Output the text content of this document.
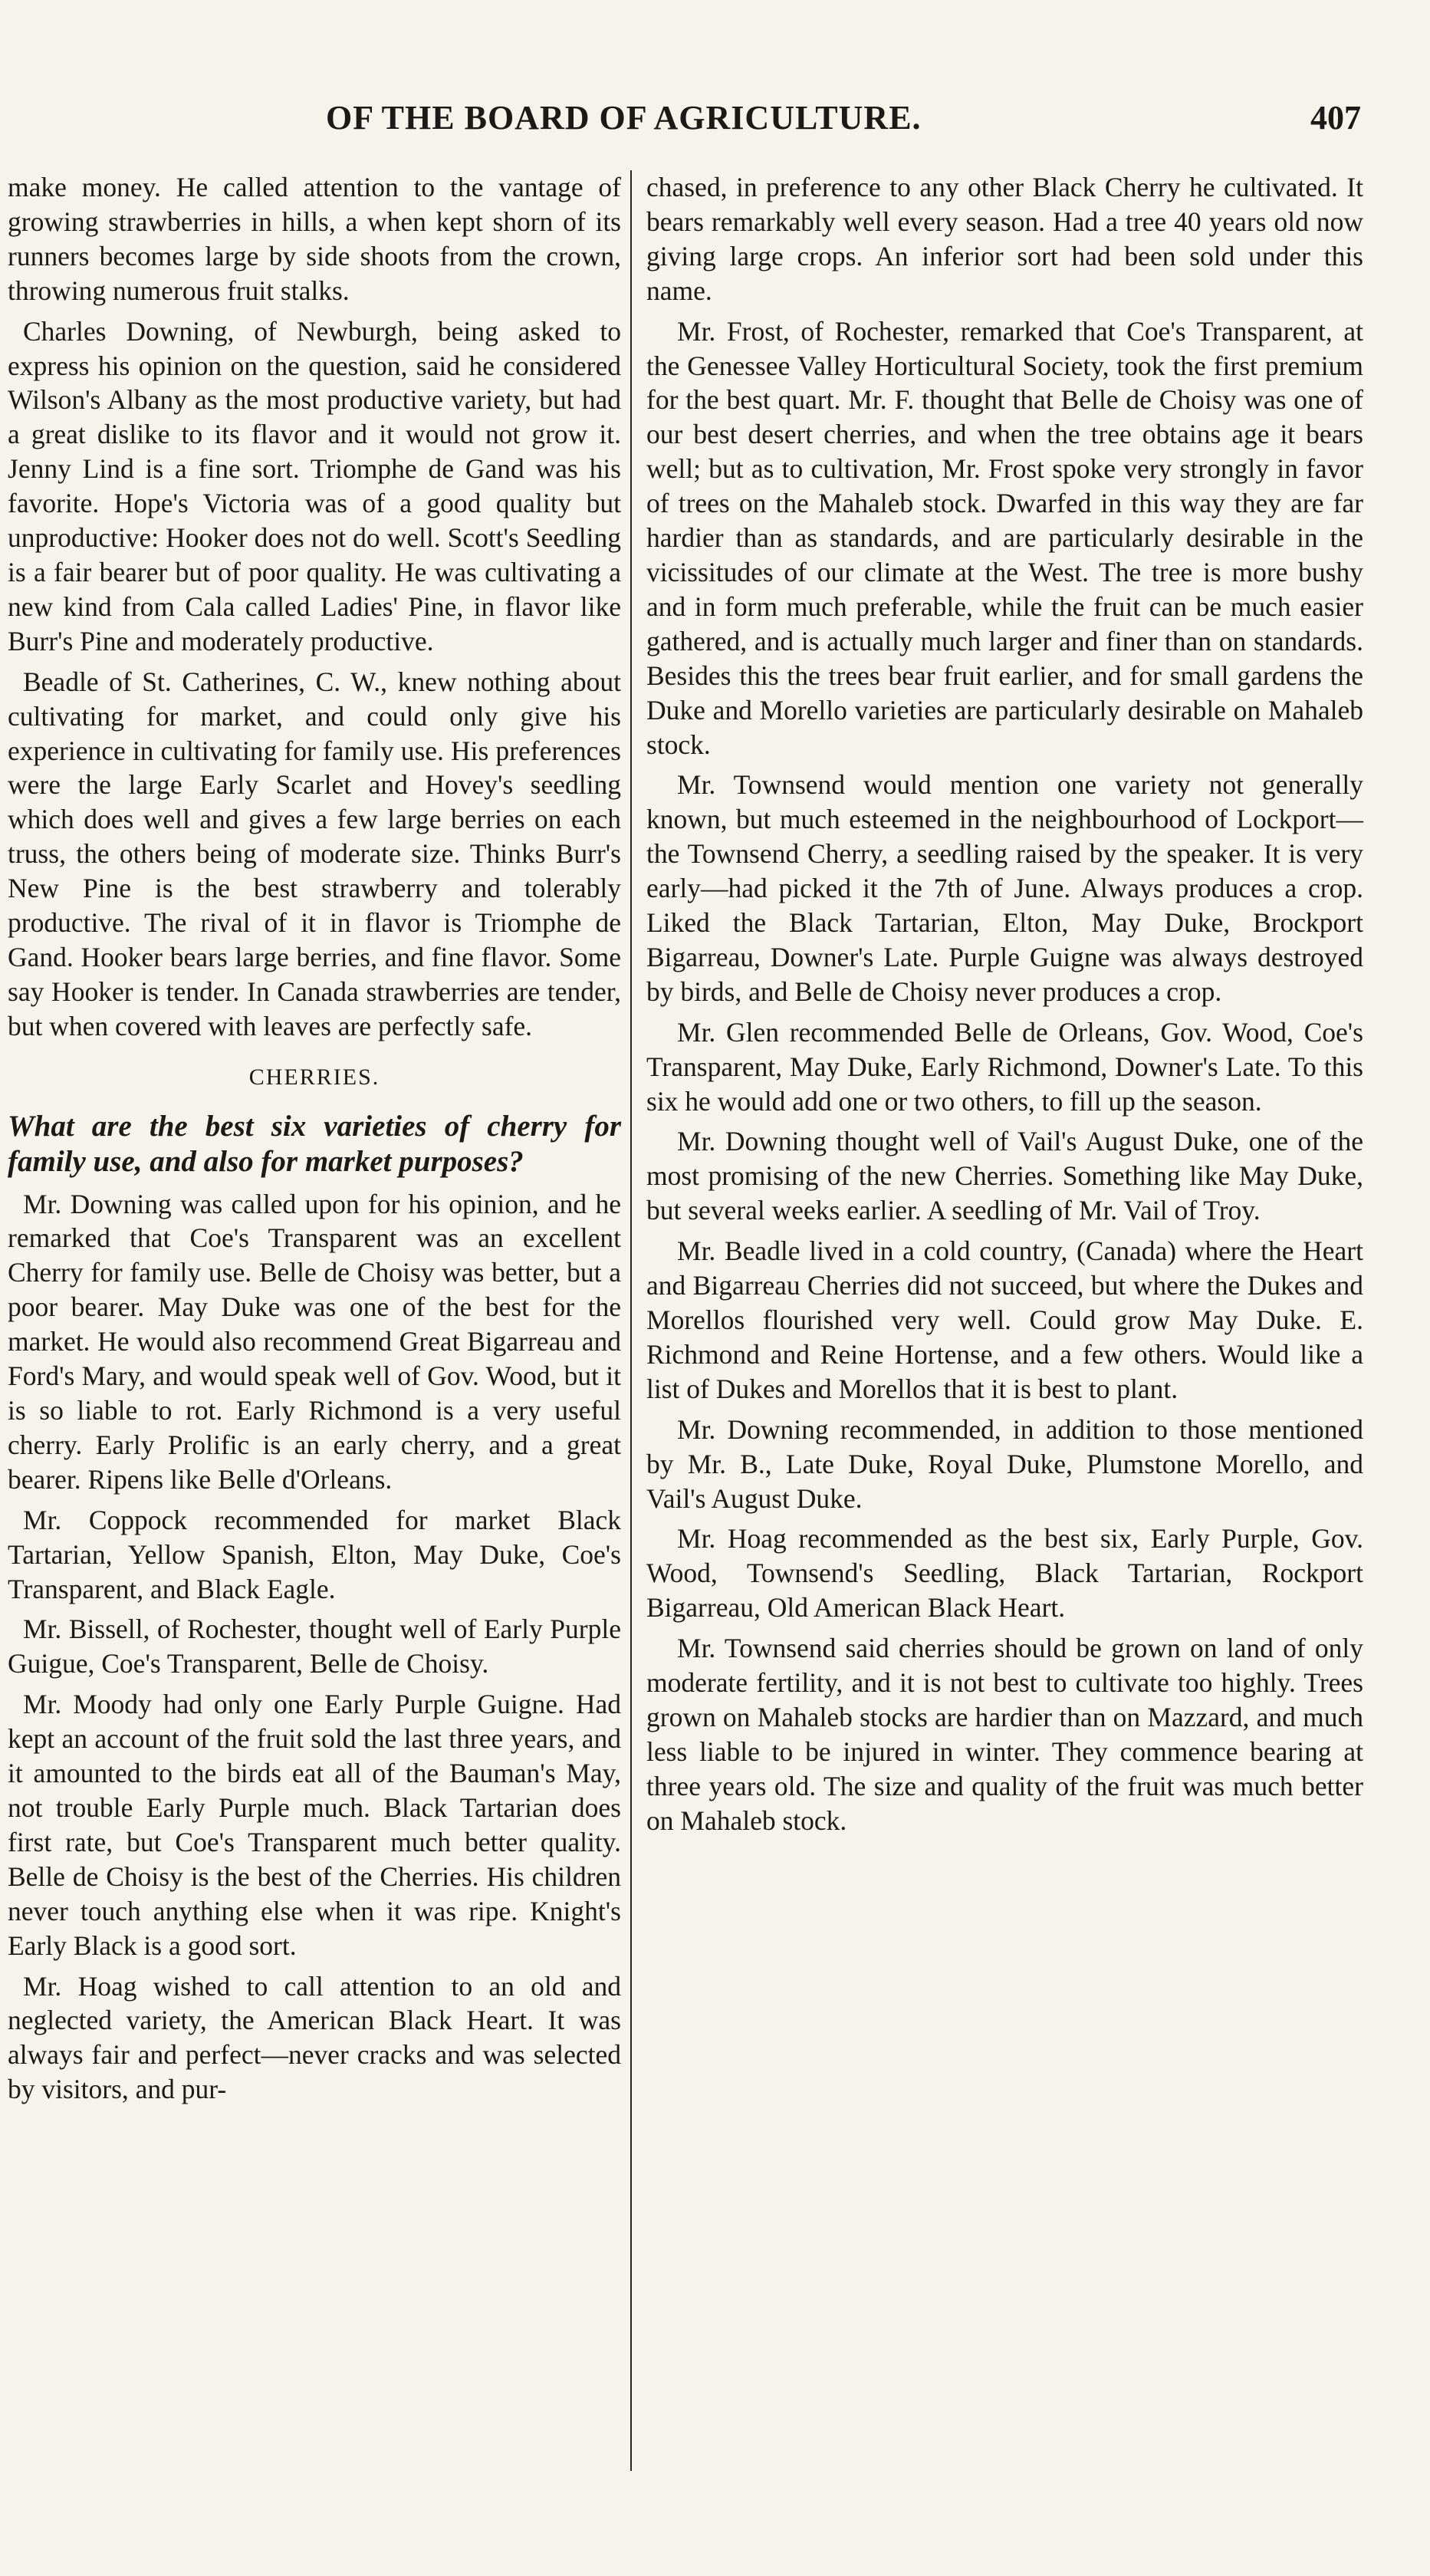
OF THE BOARD OF AGRICULTURE.	407

make money. He called attention to the vantage of growing strawberries in hills, a when kept shorn of its runners becomes large by side shoots from the crown, throwing numerous fruit stalks.

Charles Downing, of Newburgh, being asked to express his opinion on the question, said he considered Wilson's Albany as the most productive variety, but had a great dislike to its flavor and it would not grow it. Jenny Lind is a fine sort. Triomphe de Gand was his favorite. Hope's Victoria was of a good quality but unproductive: Hooker does not do well. Scott's Seedling is a fair bearer but of poor quality. He was cultivating a new kind from Cala called Ladies' Pine, in flavor like Burr's Pine and moderately productive.

Beadle of St. Catherines, C. W., knew nothing about cultivating for market, and could only give his experience in cultivating for family use. His preferences were the large Early Scarlet and Hovey's seedling which does well and gives a few large berries on each truss, the others being of moderate size. Thinks Burr's New Pine is the best strawberry and tolerably productive. The rival of it in flavor is Triomphe de Gand. Hooker bears large berries, and fine flavor. Some say Hooker is tender. In Canada strawberries are tender, but when covered with leaves are perfectly safe.

CHERRIES.
What are the best six varieties of cherry for family use, and also for market purposes?

Mr. Downing was called upon for his opinion, and he remarked that Coe's Transparent was an excellent Cherry for family use. Belle de Choisy was better, but a poor bearer. May Duke was one of the best for the market. He would also recommend Great Bigarreau and Ford's Mary, and would speak well of Gov. Wood, but it is so liable to rot. Early Richmond is a very useful cherry. Early Prolific is an early cherry, and a great bearer. Ripens like Belle d'Orleans.

Mr. Coppock recommended for market Black Tartarian, Yellow Spanish, Elton, May Duke, Coe's Transparent, and Black Eagle.

Mr. Bissell, of Rochester, thought well of Early Purple Guigue, Coe's Transparent, Belle de Choisy.

Mr. Moody had only one Early Purple Guigne. Had kept an account of the fruit sold the last three years, and it amounted to the birds eat all of the Bauman's May, not trouble Early Purple much. Black Tartarian does first rate, but Coe's Transparent much better quality. Belle de Choisy is the best of the Cherries. His children never touch anything else when it was ripe. Knight's Early Black is a good sort.

Mr. Hoag wished to call attention to an old and neglected variety, the American Black Heart. It was always fair and perfect—never cracks and was selected by visitors, and pur-

chased, in preference to any other Black Cherry he cultivated. It bears remarkably well every season. Had a tree 40 years old now giving large crops. An inferior sort had been sold under this name.

Mr. Frost, of Rochester, remarked that Coe's Transparent, at the Genessee Valley Horticultural Society, took the first premium for the best quart. Mr. F. thought that Belle de Choisy was one of our best desert cherries, and when the tree obtains age it bears well; but as to cultivation, Mr. Frost spoke very strongly in favor of trees on the Mahaleb stock. Dwarfed in this way they are far hardier than as standards, and are particularly desirable in the vicissitudes of our climate at the West. The tree is more bushy and in form much preferable, while the fruit can be much easier gathered, and is actually much larger and finer than on standards. Besides this the trees bear fruit earlier, and for small gardens the Duke and Morello varieties are particularly desirable on Mahaleb stock.

Mr. Townsend would mention one variety not generally known, but much esteemed in the neighbourhood of Lockport—the Townsend Cherry, a seedling raised by the speaker. It is very early—had picked it the 7th of June. Always produces a crop. Liked the Black Tartarian, Elton, May Duke, Brockport Bigarreau, Downer's Late. Purple Guigne was always destroyed by birds, and Belle de Choisy never produces a crop.

Mr. Glen recommended Belle de Orleans, Gov. Wood, Coe's Transparent, May Duke, Early Richmond, Downer's Late. To this six he would add one or two others, to fill up the season.

Mr. Downing thought well of Vail's August Duke, one of the most promising of the new Cherries. Something like May Duke, but several weeks earlier. A seedling of Mr. Vail of Troy.

Mr. Beadle lived in a cold country, (Canada) where the Heart and Bigarreau Cherries did not succeed, but where the Dukes and Morellos flourished very well. Could grow May Duke. E. Richmond and Reine Hortense, and a few others. Would like a list of Dukes and Morellos that it is best to plant.

Mr. Downing recommended, in addition to those mentioned by Mr. B., Late Duke, Royal Duke, Plumstone Morello, and Vail's August Duke.

Mr. Hoag recommended as the best six, Early Purple, Gov. Wood, Townsend's Seedling, Black Tartarian, Rockport Bigarreau, Old American Black Heart.

Mr. Townsend said cherries should be grown on land of only moderate fertility, and it is not best to cultivate too highly. Trees grown on Mahaleb stocks are hardier than on Mazzard, and much less liable to be injured in winter. They commence bearing at three years old. The size and quality of the fruit was much better on Mahaleb stock.
